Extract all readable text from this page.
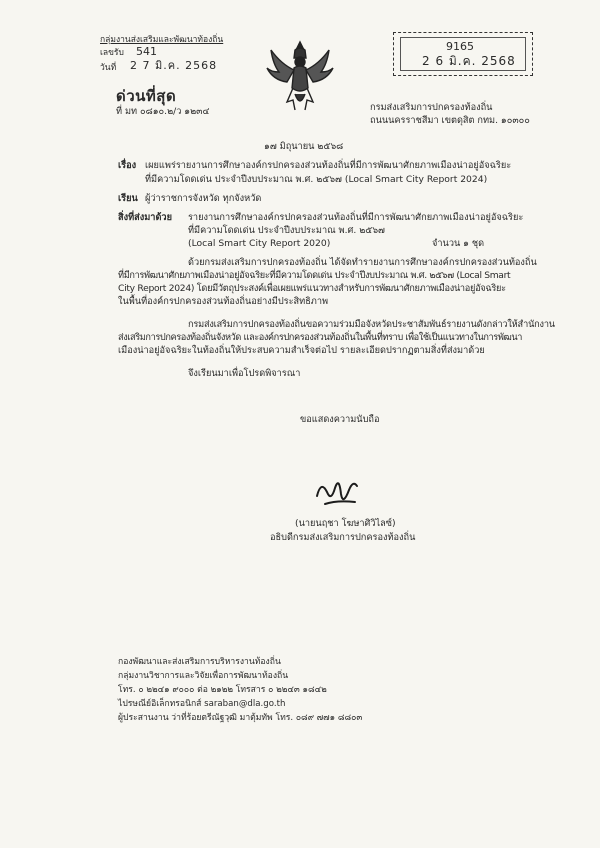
กลุ่มงานส่งเสริมและพัฒนาท้องถิ่น
เลขรับ 541
วันที่ 2 7 มิ.ค. 2568
ด่วนที่สุด
ที่ มท ๐๘๑๐.๒/ว ๑๒๓๔
9165
2 6 มิ.ค. 2568
กรมส่งเสริมการปกครองท้องถิ่น
ถนนนครราชสีมา เขตดุสิต กทม. ๑๐๓๐๐
๑๗ มิถุนายน ๒๕๖๘
เรื่อง เผยแพร่รายงานการศึกษาองค์กรปกครองส่วนท้องถิ่นที่มีการพัฒนาศักยภาพเมืองน่าอยู่อัจฉริยะ
ที่มีความโดดเด่น ประจำปีงบประมาณ พ.ศ. ๒๕๖๗ (Local Smart City Report 2024)
เรียน ผู้ว่าราชการจังหวัด ทุกจังหวัด
สิ่งที่ส่งมาด้วย รายงานการศึกษาองค์กรปกครองส่วนท้องถิ่นที่มีการพัฒนาศักยภาพเมืองน่าอยู่อัจฉริยะ
ที่มีความโดดเด่น ประจำปีงบประมาณ พ.ศ. ๒๕๖๗
(Local Smart City Report 2020)	จำนวน ๑ ชุด
ด้วยกรมส่งเสริมการปกครองท้องถิ่น ได้จัดทำรายงานการศึกษาองค์กรปกครองส่วนท้องถิ่น
ที่มีการพัฒนาศักยภาพเมืองน่าอยู่อัจฉริยะที่มีความโดดเด่น ประจำปีงบประมาณ พ.ศ. ๒๕๖๗ (Local Smart
City Report 2024) โดยมีวัตถุประสงค์เพื่อเผยแพร่แนวทางสำหรับการพัฒนาศักยภาพเมืองน่าอยู่อัจฉริยะ
ในพื้นที่องค์กรปกครองส่วนท้องถิ่นอย่างมีประสิทธิภาพ
กรมส่งเสริมการปกครองท้องถิ่นขอความร่วมมือจังหวัดประชาสัมพันธ์รายงานดังกล่าวให้สำนักงาน
ส่งเสริมการปกครองท้องถิ่นจังหวัด และองค์กรปกครองส่วนท้องถิ่นในพื้นที่ทราบ เพื่อใช้เป็นแนวทางในการพัฒนา
เมืองน่าอยู่อัจฉริยะในท้องถิ่นให้ประสบความสำเร็จต่อไป รายละเอียดปรากฏตามสิ่งที่ส่งมาด้วย
จึงเรียนมาเพื่อโปรดพิจารณา
ขอแสดงความนับถือ
(นายนฤชา โฆษาศิวิไลซ์)
อธิบดีกรมส่งเสริมการปกครองท้องถิ่น
กองพัฒนาและส่งเสริมการบริหารงานท้องถิ่น
กลุ่มงานวิชาการและวิจัยเพื่อการพัฒนาท้องถิ่น
โทร. ๐ ๒๒๔๑ ๙๐๐๐ ต่อ ๒๑๒๒ โทรสาร ๐ ๒๒๔๓ ๑๘๔๒
ไปรษณีย์อิเล็กทรอนิกส์ saraban@dla.go.th
ผู้ประสานงาน ว่าที่ร้อยตรีณัฐวุฒิ มาตุ้มทัพ โทร. ๐๘๙ ๗๗๑ ๘๘๐๓
